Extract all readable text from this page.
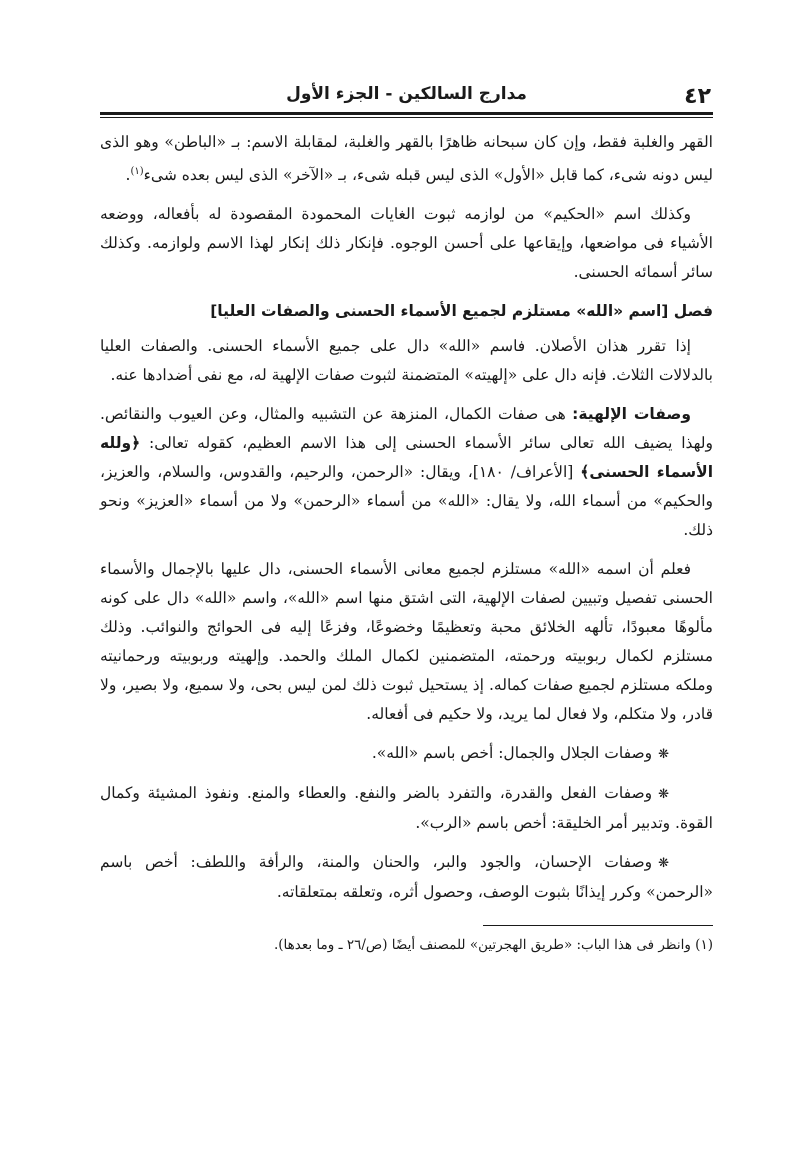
٤٢
مدارج السالكين - الجزء الأول

القهر والغلبة فقط، وإن كان سبحانه ظاهرًا بالقهر والغلبة، لمقابلة الاسم: بـ «الباطن» وهو الذى ليس دونه شىء، كما قابل «الأول» الذى ليس قبله شىء، بـ «الآخر» الذى ليس بعده شىء$^{(١)}$.

وكذلك اسم «الحكيم» من لوازمه ثبوت الغايات المحمودة المقصودة له بأفعاله، ووضعه الأشياء فى مواضعها، وإيقاعها على أحسن الوجوه. فإنكار ذلك إنكار لهذا الاسم ولوازمه. وكذلك سائر أسمائه الحسنى.

فصل [اسم «الله» مستلزم لجميع الأسماء الحسنى والصفات العليا]

إذا تقرر هذان الأصلان. فاسم «الله» دال على جميع الأسماء الحسنى. والصفات العليا بالدلالات الثلاث. فإنه دال على «إلهيته» المتضمنة لثبوت صفات الإلهية له، مع نفى أضدادها عنه.

وصفات الإلهية: هى صفات الكمال، المنزهة عن التشبيه والمثال، وعن العيوب والنقائص. ولهذا يضيف الله تعالى سائر الأسماء الحسنى إلى هذا الاسم العظيم، كقوله تعالى: ﴿ولله الأسماء الحسنى﴾ [الأعراف/ ١٨٠]، ويقال: «الرحمن، والرحيم، والقدوس، والسلام، والعزيز، والحكيم» من أسماء الله، ولا يقال: «الله» من أسماء «الرحمن» ولا من أسماء «العزيز» ونحو ذلك.

فعلم أن اسمه «الله» مستلزم لجميع معانى الأسماء الحسنى، دال عليها بالإجمال والأسماء الحسنى تفصيل وتبيين لصفات الإلهية، التى اشتق منها اسم «الله»، واسم «الله» دال على كونه مألوهًا معبودًا، تألهه الخلائق محبة وتعظيمًا وخضوعًا، وفزعًا إليه فى الحوائج والنوائب. وذلك مستلزم لكمال ربوبيته ورحمته، المتضمنين لكمال الملك والحمد. وإلهيته وربوبيته ورحمانيته وملكه مستلزم لجميع صفات كماله. إذ يستحيل ثبوت ذلك لمن ليس بحى، ولا سميع، ولا بصير، ولا قادر، ولا متكلم، ولا فعال لما يريد، ولا حكيم فى أفعاله.

❋وصفات الجلال والجمال: أخص باسم «الله».

❋وصفات الفعل والقدرة، والتفرد بالضر والنفع. والعطاء والمنع. ونفوذ المشيئة وكمال القوة. وتدبير أمر الخليقة: أخص باسم «الرب».

❋وصفات الإحسان، والجود والبر، والحنان والمنة، والرأفة واللطف: أخص باسم «الرحمن» وكرر إيذانًا بثبوت الوصف، وحصول أثره، وتعلقه بمتعلقاته.

(١) وانظر فى هذا الباب: «طريق الهجرتين» للمصنف أيضًا (ص/٢٦ ـ وما بعدها).
